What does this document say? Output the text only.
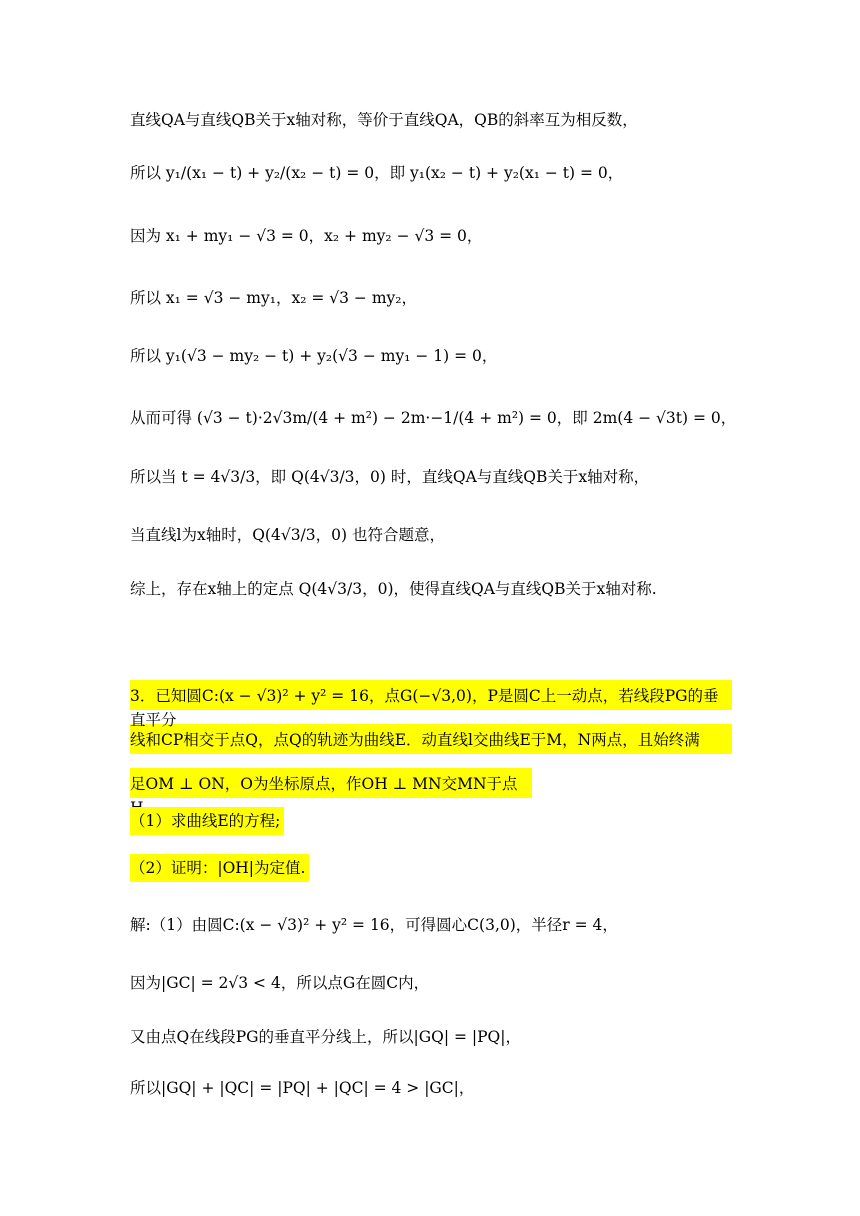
直线QA与直线QB关于x轴对称，等价于直线QA，QB的斜率互为相反数，

所以 y₁/(x₁ − t) + y₂/(x₂ − t) = 0，即 y₁(x₂ − t) + y₂(x₁ − t) = 0，

因为 x₁ + my₁ − √3 = 0，x₂ + my₂ − √3 = 0，

所以 x₁ = √3 − my₁，x₂ = √3 − my₂，

所以 y₁(√3 − my₂ − t) + y₂(√3 − my₁ − 1) = 0，

从而可得 (√3 − t)·2√3m/(4 + m²) − 2m·−1/(4 + m²) = 0，即 2m(4 − √3t) = 0，

所以当 t = 4√3/3，即 Q(4√3/3，0) 时，直线QA与直线QB关于x轴对称，

当直线l为x轴时，Q(4√3/3，0) 也符合题意，

综上，存在x轴上的定点 Q(4√3/3，0)，使得直线QA与直线QB关于x轴对称.

3．已知圆C:(x − √3)² + y² = 16，点G(−√3,0)，P是圆C上一动点，若线段PG的垂直平分
线和CP相交于点Q，点Q的轨迹为曲线E．动直线l交曲线E于M，N两点，且始终满
足OM ⊥ ON，O为坐标原点，作OH ⊥ MN交MN于点

（1）求曲线E的方程;

（2）证明：|OH|为定值.

解:（1）由圆C:(x − √3)² + y² = 16，可得圆心C(3,0)，半径r = 4，

因为|GC| = 2√3 < 4，所以点G在圆C内，

又由点Q在线段PG的垂直平分线上，所以|GQ| = |PQ|，

所以|GQ| + |QC| = |PQ| + |QC| = 4 > |GC|，
